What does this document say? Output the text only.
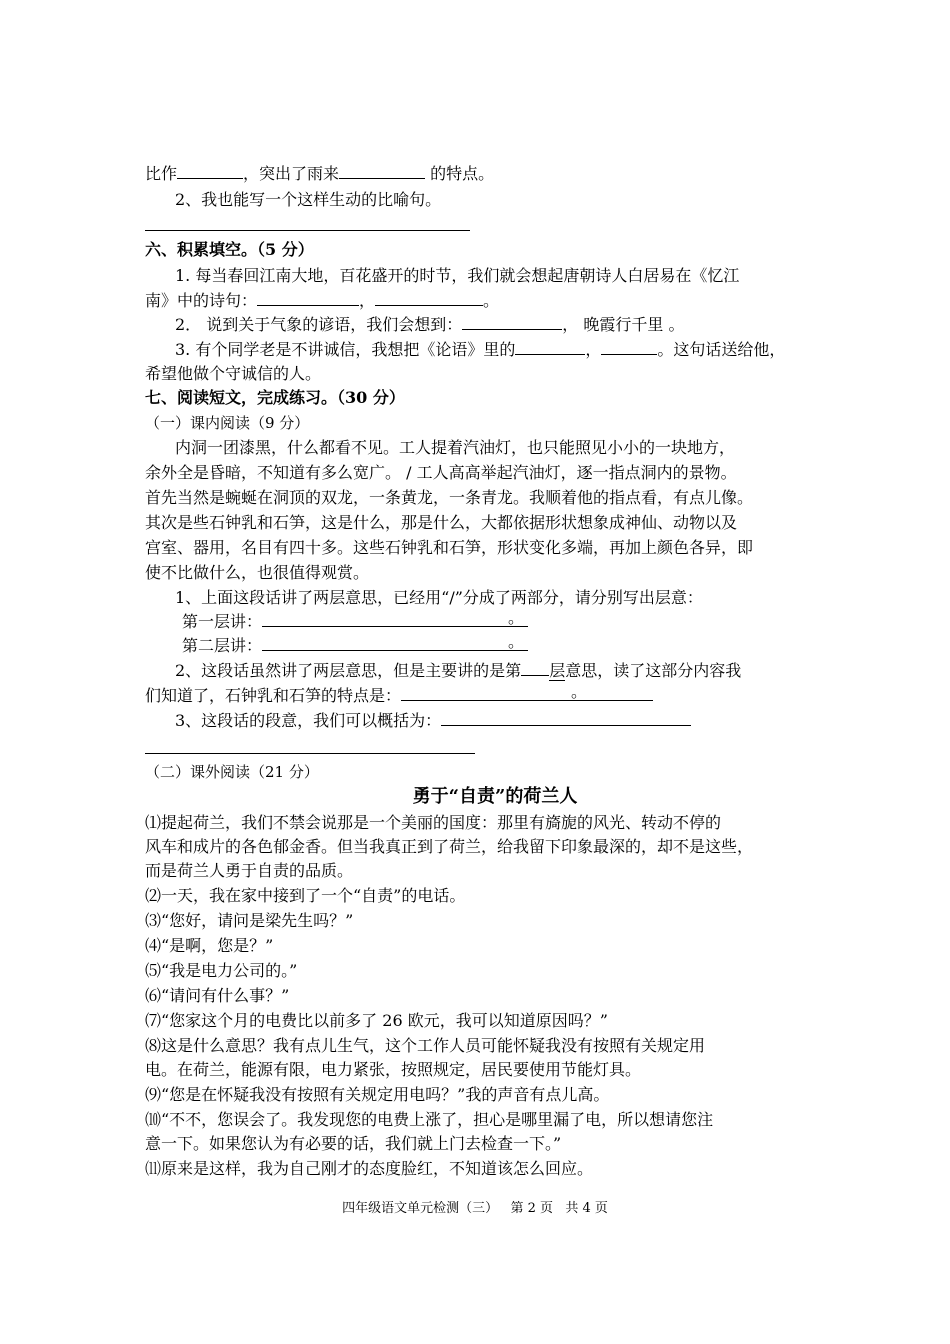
比作	，突出了雨来	的特点。
2、我也能写一个这样生动的比喻句。
六、积累填空。（5 分）
1. 每当春回江南大地，百花盛开的时节，我们就会想起唐朝诗人白居易在《忆江
南》中的诗句：	，	。
2． 说到关于气象的谚语，我们会想到：	， 晚霞行千里 。
3. 有个同学老是不讲诚信，我想把《论语》里的	，	。这句话送给他，
希望他做个守诚信的人。
七、阅读短文，完成练习。（30 分）
（一）课内阅读（9 分）
内洞一团漆黑，什么都看不见。工人提着汽油灯，也只能照见小小的一块地方，
余外全是昏暗，不知道有多么宽广。 / 工人高高举起汽油灯，逐一指点洞内的景物。
首先当然是蜿蜒在洞顶的双龙，一条黄龙，一条青龙。我顺着他的指点看，有点儿像。
其次是些石钟乳和石笋，这是什么，那是什么，大都依据形状想象成神仙、动物以及
宫室、器用，名目有四十多。这些石钟乳和石笋，形状变化多端，再加上颜色各异，即
使不比做什么，也很值得观赏。
1、上面这段话讲了两层意思，已经用“/”分成了两部分，请分别写出层意：
第一层讲：	。
第二层讲：	。
2、这段话虽然讲了两层意思，但是主要讲的是第 层意思，读了这部分内容我
们知道了，石钟乳和石笋的特点是：	。
3、这段话的段意，我们可以概括为：
（二）课外阅读（21 分）
勇于“自责”的荷兰人
⑴提起荷兰，我们不禁会说那是一个美丽的国度：那里有旖旎的风光、转动不停的
风车和成片的各色郁金香。但当我真正到了荷兰，给我留下印象最深的，却不是这些，
而是荷兰人勇于自责的品质。
⑵一天，我在家中接到了一个“自责”的电话。
⑶“您好，请问是梁先生吗？”
⑷“是啊，您是？”
⑸“我是电力公司的。”
⑹“请问有什么事？”
⑺“您家这个月的电费比以前多了 26 欧元，我可以知道原因吗？”
⑻这是什么意思？我有点儿生气，这个工作人员可能怀疑我没有按照有关规定用
电。在荷兰，能源有限，电力紧张，按照规定，居民要使用节能灯具。
⑼“您是在怀疑我没有按照有关规定用电吗？”我的声音有点儿高。
⑽“不不，您误会了。我发现您的电费上涨了，担心是哪里漏了电，所以想请您注
意一下。如果您认为有必要的话，我们就上门去检查一下。”
⑾原来是这样，我为自己刚才的态度脸红，不知道该怎么回应。
四年级语文单元检测（三）   第 2 页   共 4 页
